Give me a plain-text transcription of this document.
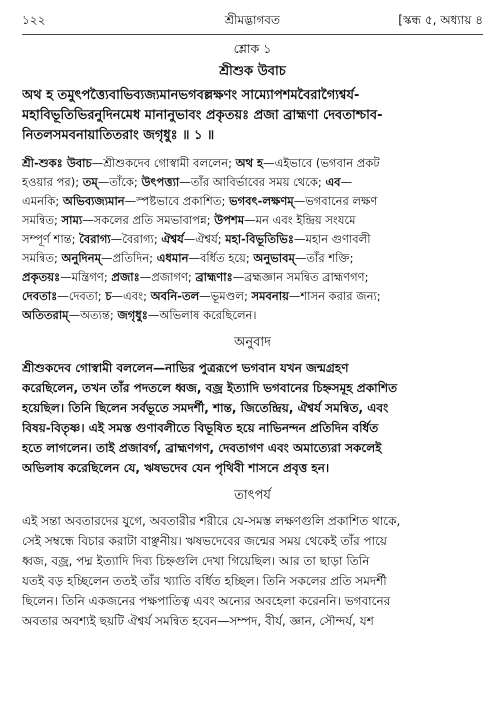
১২২	শ্রীমদ্ভাগবত	[স্কন্ধ ৫, অধ্যায় ৪
শ্লোক ১
শ্রীশুক উবাচ

অথ হ তমুৎপত্ত্যৈবাভিব্যজ্যমানভগবল্লক্ষণং সাম্যোপশমবৈরাগ্যৈশ্বর্য-

মহাবিভূতিভিরনুদিনমেধ মানানুভাবং প্রকৃতয়ঃ প্রজা ব্রাহ্মণা দেবতাশ্চাব-

নিতলসমবনায়াতিতরাং জগৃধুঃ ॥ ১ ॥

শ্রী-শুকঃ উবাচ—শ্রীশুকদেব গোস্বামী বললেন; অথ হ—এইভাবে (ভগবান প্রকট

হওয়ার পর); তম্—তাঁকে; উৎপত্ত্যা—তাঁর আবির্ভাবের সময় থেকে; এব—

এমনকি; অভিব্যজ্যমান—স্পষ্টভাবে প্রকাশিত; ভগবৎ-লক্ষণম্—ভগবানের লক্ষণ

সমন্বিত; সাম্য—সকলের প্রতি সমভাবাপন্ন; উপশম—মন এবং ইন্দ্রিয় সংযমে

সম্পূর্ণ শান্ত; বৈরাগ্য—বৈরাগ্য; ঐশ্বর্য—ঐশ্বর্য; মহা-বিভূতিভিঃ—মহান গুণাবলী

সমন্বিত; অনুদিনম্—প্রতিদিন; এধমান—বর্ধিত হয়ে; অনুভাবম্—তাঁর শক্তি;

প্রকৃতয়ঃ—মন্ত্রিগণ; প্রজাঃ—প্রজাগণ; ব্রাহ্মণাঃ—ব্রহ্মজ্ঞান সমন্বিত ব্রাহ্মণগণ;

দেবতাঃ—দেবতা; চ—এবং; অবনি-তল—ভূমণ্ডল; সমবনায়—শাসন করার জন্য;

অতিতরাম্—অত্যন্ত; জগৃধুঃ—অভিলাষ করেছিলেন।

অনুবাদ

শ্রীশুকদেব গোস্বামী বললেন—নাভির পুত্ররূপে ভগবান যখন জন্মগ্রহণ

করেছিলেন, তখন তাঁর পদতলে ধ্বজ, বজ্র ইত্যাদি ভগবানের চিহ্নসমূহ প্রকাশিত

হয়েছিল। তিনি ছিলেন সর্বভূতে সমদর্শী, শান্ত, জিতেন্দ্রিয়, ঐশ্বর্য সমন্বিত, এবং

বিষয়-বিতৃষ্ণ। এই সমস্ত গুণাবলীতে বিভূষিত হয়ে নাভিনন্দন প্রতিদিন বর্ধিত

হতে লাগলেন। তাই প্রজাবর্গ, ব্রাহ্মণগণ, দেবতাগণ এবং অমাত্যেরা সকলেই

অভিলাষ করেছিলেন যে, ঋষভদেব যেন পৃথিবী শাসনে প্রবৃত্ত হন।

তাৎপর্য

এই সন্তা অবতারদের যুগে, অবতারীর শরীরে যে-সমস্ত লক্ষণগুলি প্রকাশিত থাকে,

সেই সম্বন্ধে বিচার করাটা বাঞ্ছনীয়। ঋষভদেবের জন্মের সময় থেকেই তাঁর পায়ে

ধ্বজ, বজ্র, পদ্ম ইত্যাদি দিব্য চিহ্নগুলি দেখা গিয়েছিল। আর তা ছাড়া তিনি

যতই বড় হচ্ছিলেন ততই তাঁর খ্যাতি বর্ধিত হচ্ছিল। তিনি সকলের প্রতি সমদর্শী

ছিলেন। তিনি একজনের পক্ষপাতিত্ব এবং অন্যের অবহেলা করেননি। ভগবানের

অবতার অবশ্যই ছয়টি ঐশ্বর্য সমন্বিত হবেন—সম্পদ, বীর্য, জ্ঞান, সৌন্দর্য, যশ
